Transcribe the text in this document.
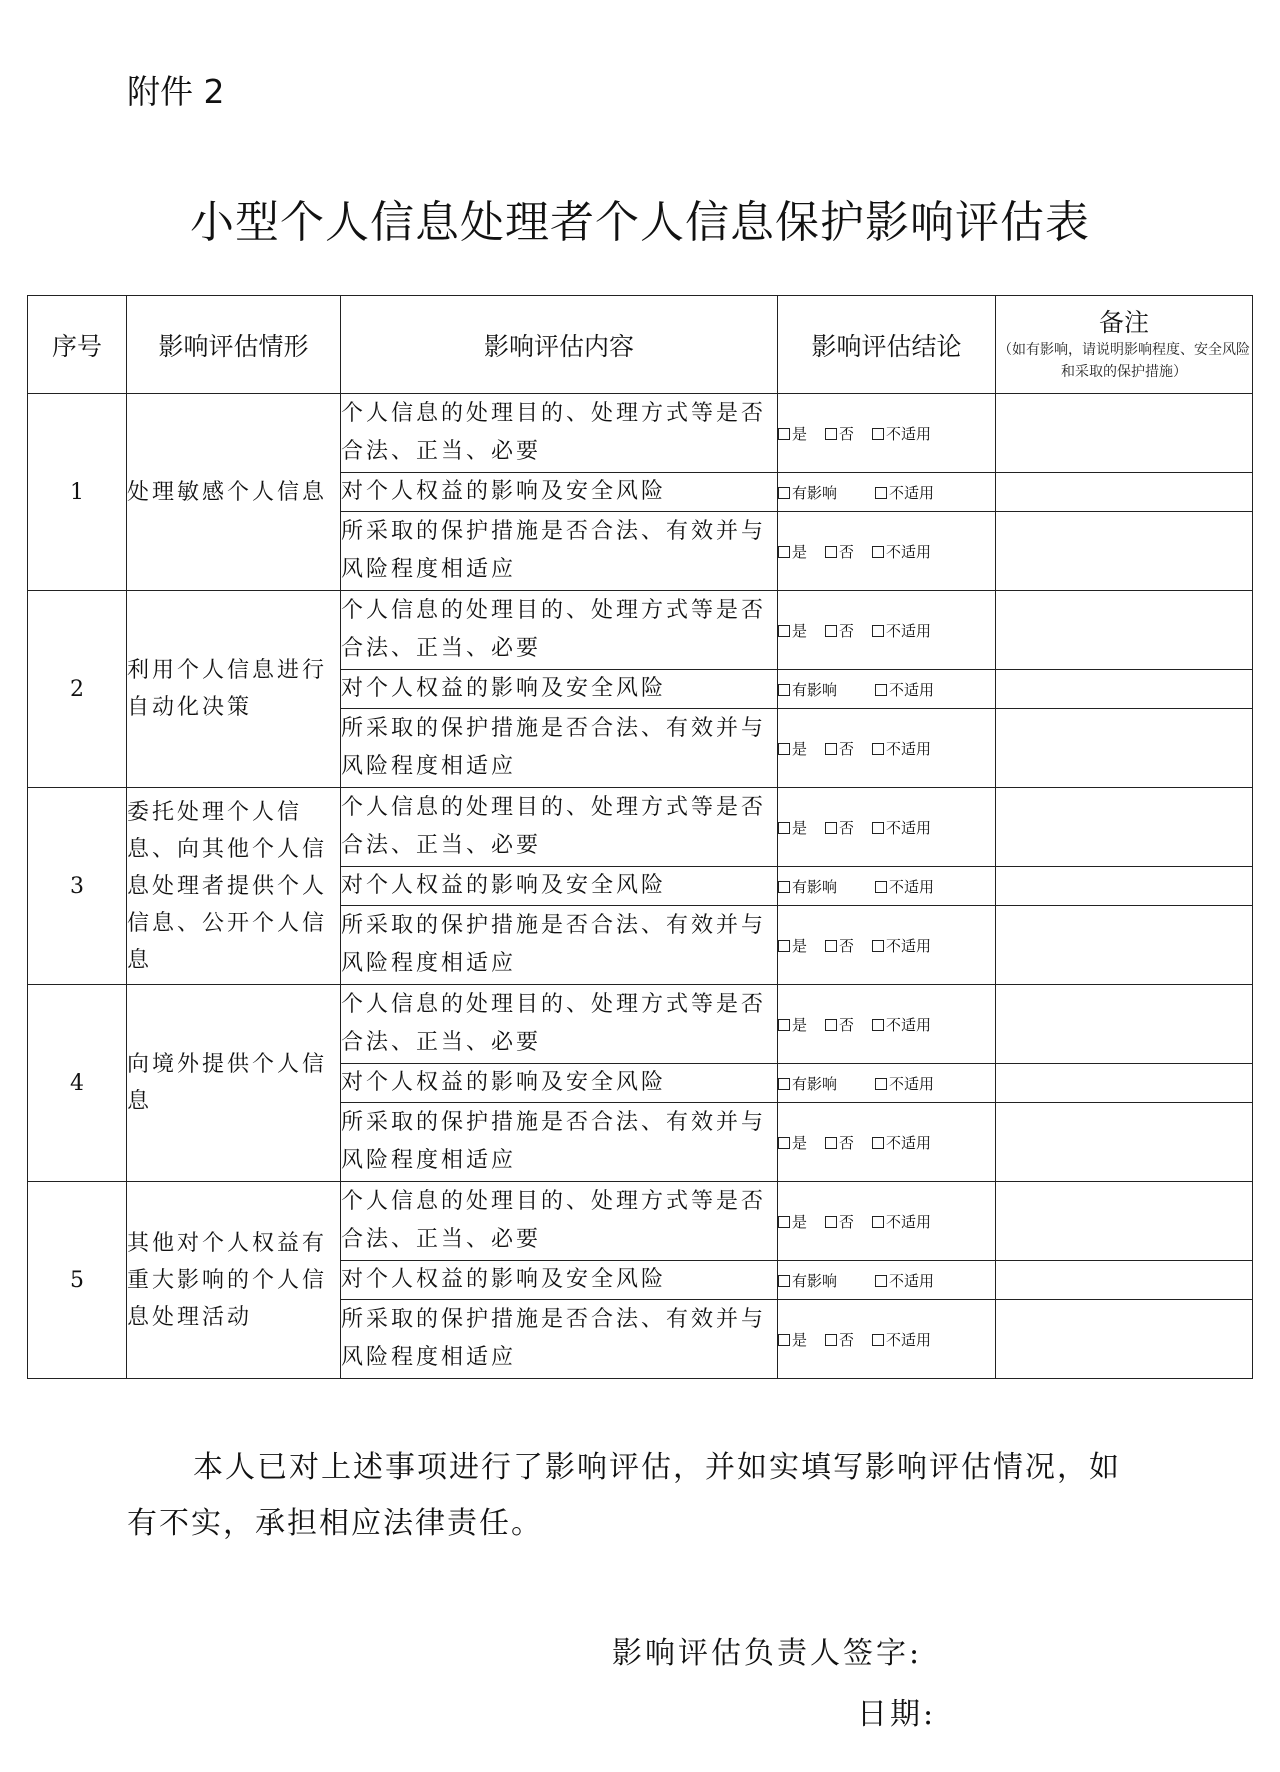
附件 2
小型个人信息处理者个人信息保护影响评估表
序号	影响评估情形	影响评估内容	影响评估结论	备注
（如有影响，请说明影响程度、安全风险和采取的保护措施）

1	处理敏感个人信息	个人信息的处理目的、处理方式等是否合法、正当、必要	是 否 不适用	
		对个人权益的影响及安全风险	有影响 不适用	
		所采取的保护措施是否合法、有效并与风险程度相适应	是 否 不适用	
2	利用个人信息进行自动化决策	个人信息的处理目的、处理方式等是否合法、正当、必要	是 否 不适用	
		对个人权益的影响及安全风险	有影响 不适用	
		所采取的保护措施是否合法、有效并与风险程度相适应	是 否 不适用	
3	委托处理个人信息、向其他个人信息处理者提供个人信息、公开个人信息	个人信息的处理目的、处理方式等是否合法、正当、必要	是 否 不适用	
		对个人权益的影响及安全风险	有影响 不适用	
		所采取的保护措施是否合法、有效并与风险程度相适应	是 否 不适用	
4	向境外提供个人信息	个人信息的处理目的、处理方式等是否合法、正当、必要	是 否 不适用	
		对个人权益的影响及安全风险	有影响 不适用	
		所采取的保护措施是否合法、有效并与风险程度相适应	是 否 不适用	
5	其他对个人权益有重大影响的个人信息处理活动	个人信息的处理目的、处理方式等是否合法、正当、必要	是 否 不适用	
		对个人权益的影响及安全风险	有影响 不适用	
		所采取的保护措施是否合法、有效并与风险程度相适应	是 否 不适用	
本人已对上述事项进行了影响评估，并如实填写影响评估情况，如有不实，承担相应法律责任。
影响评估负责人签字:
日期:
